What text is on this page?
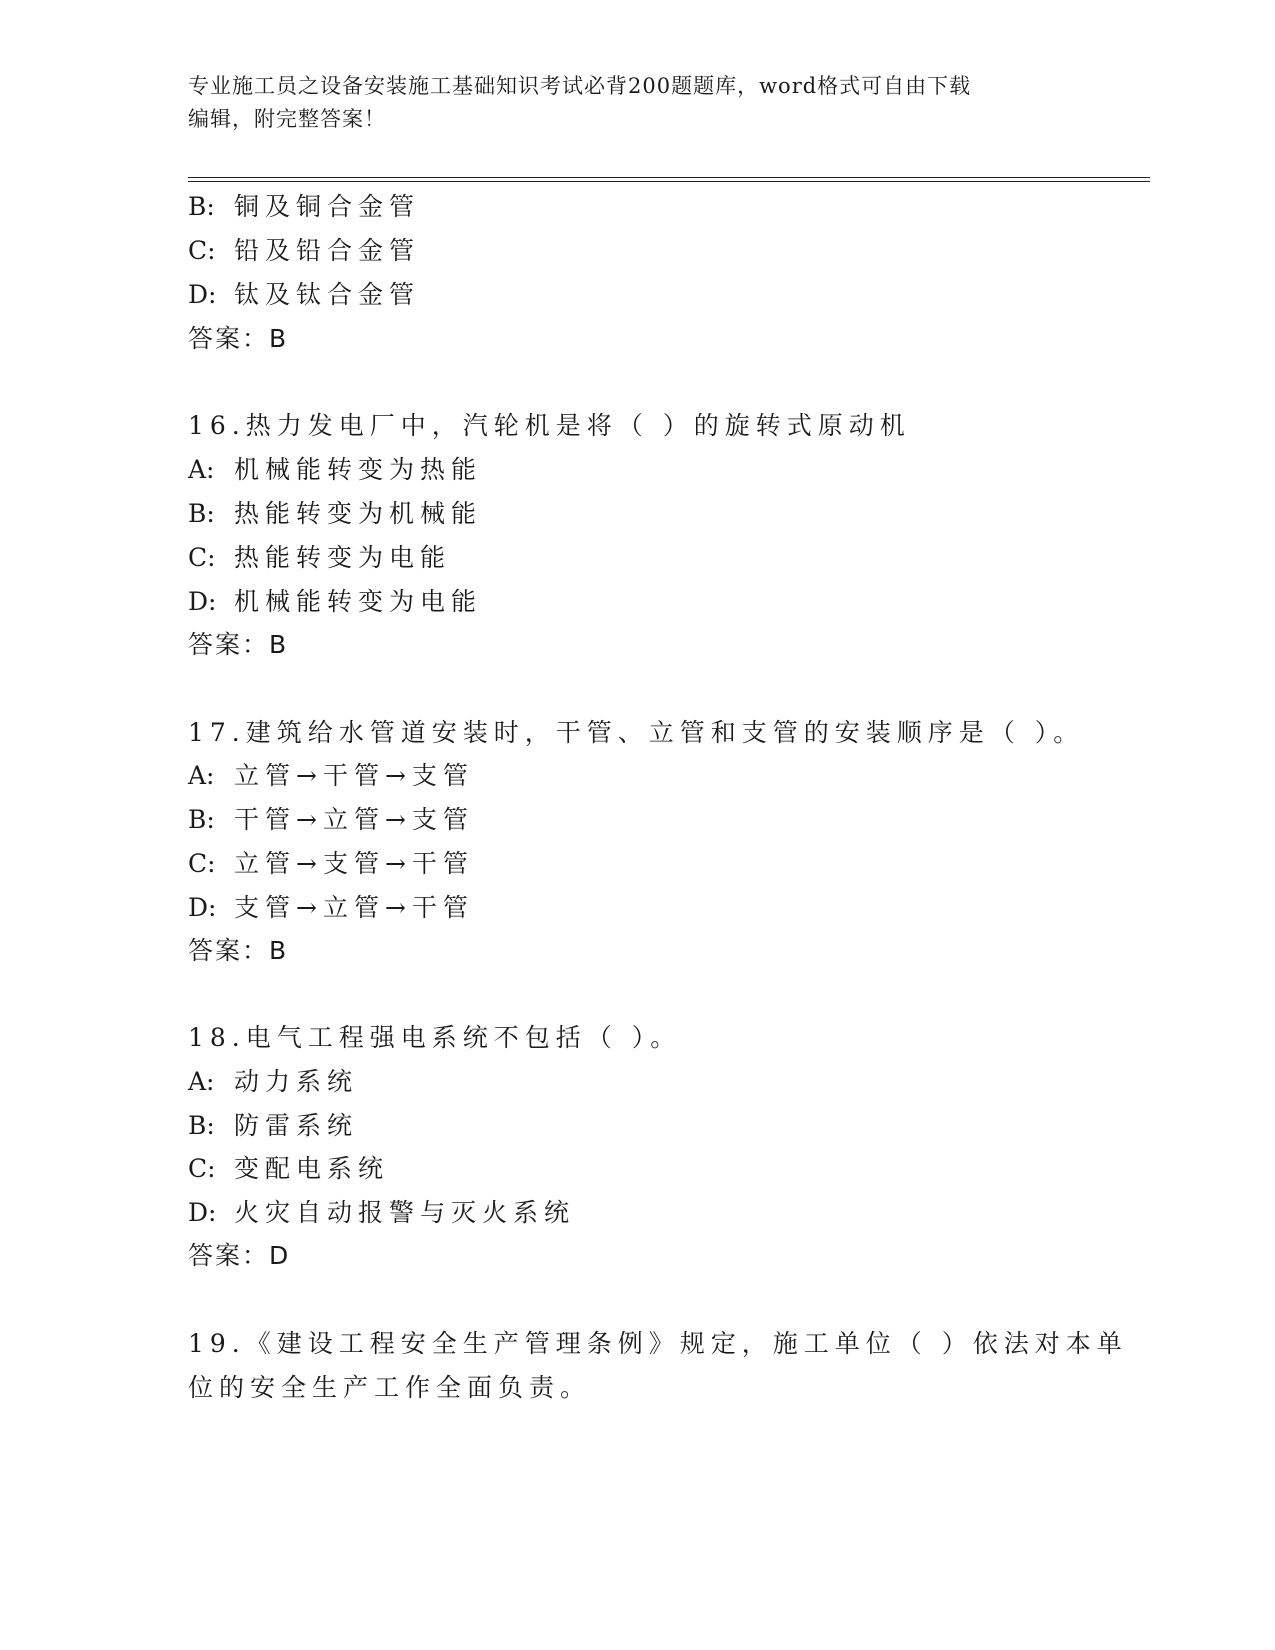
专业施工员之设备安装施工基础知识考试必背200题题库，word格式可自由下载
编辑，附完整答案！
B: 铜及铜合金管
C: 铅及铅合金管
D: 钛及钛合金管
答案：B
16.热力发电厂中，汽轮机是将（ ）的旋转式原动机
A: 机械能转变为热能
B: 热能转变为机械能
C: 热能转变为电能
D: 机械能转变为电能
答案：B
17.建筑给水管道安装时，干管、立管和支管的安装顺序是（ ）。
A: 立管→干管→支管
B: 干管→立管→支管
C: 立管→支管→干管
D: 支管→立管→干管
答案：B
18.电气工程强电系统不包括（ ）。
A: 动力系统
B: 防雷系统
C: 变配电系统
D: 火灾自动报警与灭火系统
答案：D
19.《建设工程安全生产管理条例》规定，施工单位（ ）依法对本单
位的安全生产工作全面负责。
